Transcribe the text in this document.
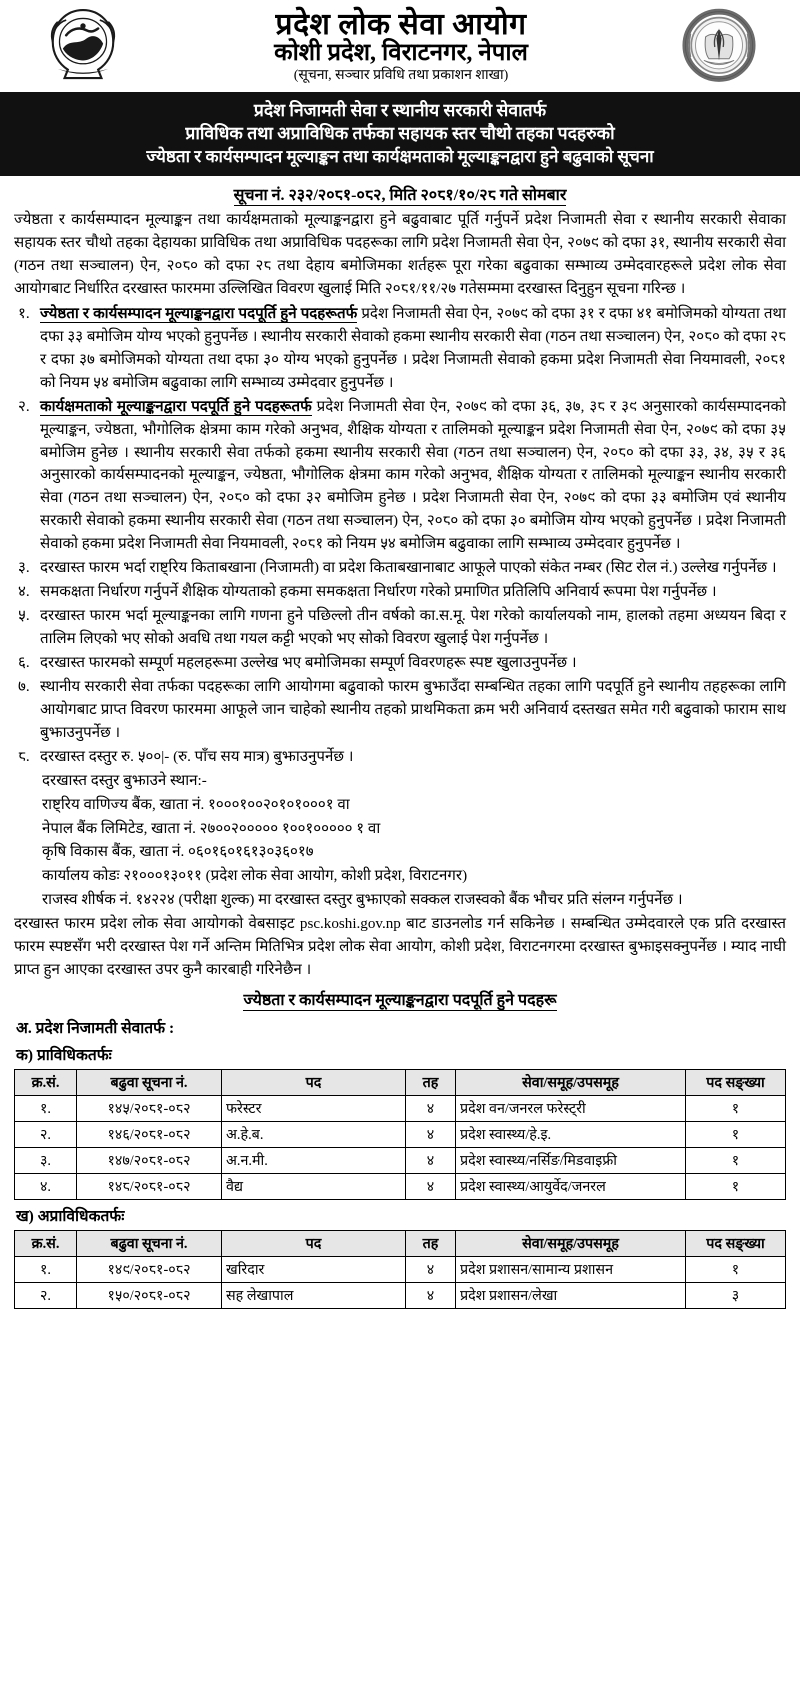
प्रदेश लोक सेवा आयोग
कोशी प्रदेश, विराटनगर, नेपाल
(सूचना, सञ्चार प्रविधि तथा प्रकाशन शाखा)
प्रदेश निजामती सेवा र स्थानीय सरकारी सेवातर्फ
प्राविधिक तथा अप्राविधिक तर्फका सहायक स्तर चौथो तहका पदहरुको
ज्येष्ठता र कार्यसम्पादन मूल्याङ्कन तथा कार्यक्षमताको मूल्याङ्कनद्वारा हुने बढुवाको सूचना
सूचना नं. २३२/२०८१-०८२, मिति २०८१/१०/२८ गते सोमबार

ज्येष्ठता र कार्यसम्पादन मूल्याङ्कन तथा कार्यक्षमताको मूल्याङ्कनद्वारा हुने बढुवाबाट पूर्ति गर्नुपर्ने प्रदेश निजामती सेवा र स्थानीय सरकारी सेवाका सहायक स्तर चौथो तहका देहायका प्राविधिक तथा अप्राविधिक पदहरूका लागि प्रदेश निजामती सेवा ऐन, २०७९ को दफा ३१, स्थानीय सरकारी सेवा (गठन तथा सञ्चालन) ऐन, २०८० को दफा २८ तथा देहाय बमोजिमका शर्तहरू पूरा गरेका बढुवाका सम्भाव्य उम्मेदवारहरूले प्रदेश लोक सेवा आयोगबाट निर्धारित दरखास्त फारममा उल्लिखित विवरण खुलाई मिति २०८१/११/२७ गतेसम्ममा दरखास्त दिनुहुन सूचना गरिन्छ ।

१. ज्येष्ठता र कार्यसम्पादन मूल्याङ्कनद्वारा पदपूर्ति हुने पदहरूतर्फ प्रदेश निजामती सेवा ऐन, २०७९ को दफा ३१ र दफा ४१ बमोजिमको योग्यता तथा दफा ३३ बमोजिम योग्य भएको हुनुपर्नेछ । स्थानीय सरकारी सेवाको हकमा स्थानीय सरकारी सेवा (गठन तथा सञ्चालन) ऐन, २०८० को दफा २८ र दफा ३७ बमोजिमको योग्यता तथा दफा ३० योग्य भएको हुनुपर्नेछ । प्रदेश निजामती सेवाको हकमा प्रदेश निजामती सेवा नियमावली, २०८१ को नियम ५४ बमोजिम बढुवाका लागि सम्भाव्य उम्मेदवार हुनुपर्नेछ ।
२. कार्यक्षमताको मूल्याङ्कनद्वारा पदपूर्ति हुने पदहरूतर्फ प्रदेश निजामती सेवा ऐन, २०७९ को दफा ३६, ३७, ३८ र ३९ अनुसारको कार्यसम्पादनको मूल्याङ्कन, ज्येष्ठता, भौगोलिक क्षेत्रमा काम गरेको अनुभव, शैक्षिक योग्यता र तालिमको मूल्याङ्कन प्रदेश निजामती सेवा ऐन, २०७९ को दफा ३५ बमोजिम हुनेछ । स्थानीय सरकारी सेवा तर्फको हकमा स्थानीय सरकारी सेवा (गठन तथा सञ्चालन) ऐन, २०८० को दफा ३३, ३४, ३५ र ३६ अनुसारको कार्यसम्पादनको मूल्याङ्कन, ज्येष्ठता, भौगोलिक क्षेत्रमा काम गरेको अनुभव, शैक्षिक योग्यता र तालिमको मूल्याङ्कन स्थानीय सरकारी सेवा (गठन तथा सञ्चालन) ऐन, २०८० को दफा ३२ बमोजिम हुनेछ । प्रदेश निजामती सेवा ऐन, २०७९ को दफा ३३ बमोजिम एवं स्थानीय सरकारी सेवाको हकमा स्थानीय सरकारी सेवा (गठन तथा सञ्चालन) ऐन, २०८० को दफा ३० बमोजिम योग्य भएको हुनुपर्नेछ । प्रदेश निजामती सेवाको हकमा प्रदेश निजामती सेवा नियमावली, २०८१ को नियम ५४ बमोजिम बढुवाका लागि सम्भाव्य उम्मेदवार हुनुपर्नेछ ।
३. दरखास्त फारम भर्दा राष्ट्रिय किताबखाना (निजामती) वा प्रदेश किताबखानाबाट आफूले पाएको संकेत नम्बर (सिट रोल नं.) उल्लेख गर्नुपर्नेछ ।
४. समकक्षता निर्धारण गर्नुपर्ने शैक्षिक योग्यताको हकमा समकक्षता निर्धारण गरेको प्रमाणित प्रतिलिपि अनिवार्य रूपमा पेश गर्नुपर्नेछ ।
५. दरखास्त फारम भर्दा मूल्याङ्कनका लागि गणना हुने पछिल्लो तीन वर्षको का.स.मू. पेश गरेको कार्यालयको नाम, हालको तहमा अध्ययन बिदा र तालिम लिएको भए सोको अवधि तथा गयल कट्टी भएको भए सोको विवरण खुलाई पेश गर्नुपर्नेछ ।
६. दरखास्त फारमको सम्पूर्ण महलहरूमा उल्लेख भए बमोजिमका सम्पूर्ण विवरणहरू स्पष्ट खुलाउनुपर्नेछ ।
७. स्थानीय सरकारी सेवा तर्फका पदहरूका लागि आयोगमा बढुवाको फारम बुझाउँदा सम्बन्धित तहका लागि पदपूर्ति हुने स्थानीय तहहरूका लागि आयोगबाट प्राप्त विवरण फारममा आफूले जान चाहेको स्थानीय तहको प्राथमिकता क्रम भरी अनिवार्य दस्तखत समेत गरी बढुवाको फाराम साथ बुझाउनुपर्नेछ ।
८. दरखास्त दस्तुर रु. ५००|- (रु. पाँच सय मात्र) बुझाउनुपर्नेछ ।
दरखास्त दस्तुर बुझाउने स्थान:-
राष्ट्रिय वाणिज्य बैंक, खाता नं. १०००१००२०१०१०००१ वा
नेपाल बैंक लिमिटेड, खाता नं. २७००२००००० १००१००००० १ वा
कृषि विकास बैंक, खाता नं. ०६०१६०१६१३०३६०१७
कार्यालय कोडः २१०००१३०११ (प्रदेश लोक सेवा आयोग, कोशी प्रदेश, विराटनगर)
राजस्व शीर्षक नं. १४२२४ (परीक्षा शुल्क) मा दरखास्त दस्तुर बुझाएको सक्कल राजस्वको बैंक भौचर प्रति संलग्न गर्नुपर्नेछ ।

दरखास्त फारम प्रदेश लोक सेवा आयोगको वेबसाइट psc.koshi.gov.np बाट डाउनलोड गर्न सकिनेछ । सम्बन्धित उम्मेदवारले एक प्रति दरखास्त फारम स्पष्टसँग भरी दरखास्त पेश गर्ने अन्तिम मितिभित्र प्रदेश लोक सेवा आयोग, कोशी प्रदेश, विराटनगरमा दरखास्त बुझाइसक्नुपर्नेछ । म्याद नाघी प्राप्त हुन आएका दरखास्त उपर कुनै कारबाही गरिनेछैन ।

ज्येष्ठता र कार्यसम्पादन मूल्याङ्कनद्वारा पदपूर्ति हुने पदहरू
अ. प्रदेश निजामती सेवातर्फ :
क) प्राविधिकतर्फः
क्र.सं.	बढुवा सूचना नं.	पद	तह	सेवा/समूह/उपसमूह	पद सङ्ख्या
१.	१४५/२०८१-०८२	फरेस्टर	४	प्रदेश वन/जनरल फरेस्ट्री	१
२.	१४६/२०८१-०८२	अ.हे.ब.	४	प्रदेश स्वास्थ्य/हे.इ.	१
३.	१४७/२०८१-०८२	अ.न.मी.	४	प्रदेश स्वास्थ्य/नर्सिङ/मिडवाइफ्री	१
४.	१४८/२०८१-०८२	वैद्य	४	प्रदेश स्वास्थ्य/आयुर्वेद/जनरल	१
ख) अप्राविधिकतर्फः
क्र.सं.	बढुवा सूचना नं.	पद	तह	सेवा/समूह/उपसमूह	पद सङ्ख्या
१.	१४९/२०८१-०८२	खरिदार	४	प्रदेश प्रशासन/सामान्य प्रशासन	१
२.	१५०/२०८१-०८२	सह लेखापाल	४	प्रदेश प्रशासन/लेखा	३
